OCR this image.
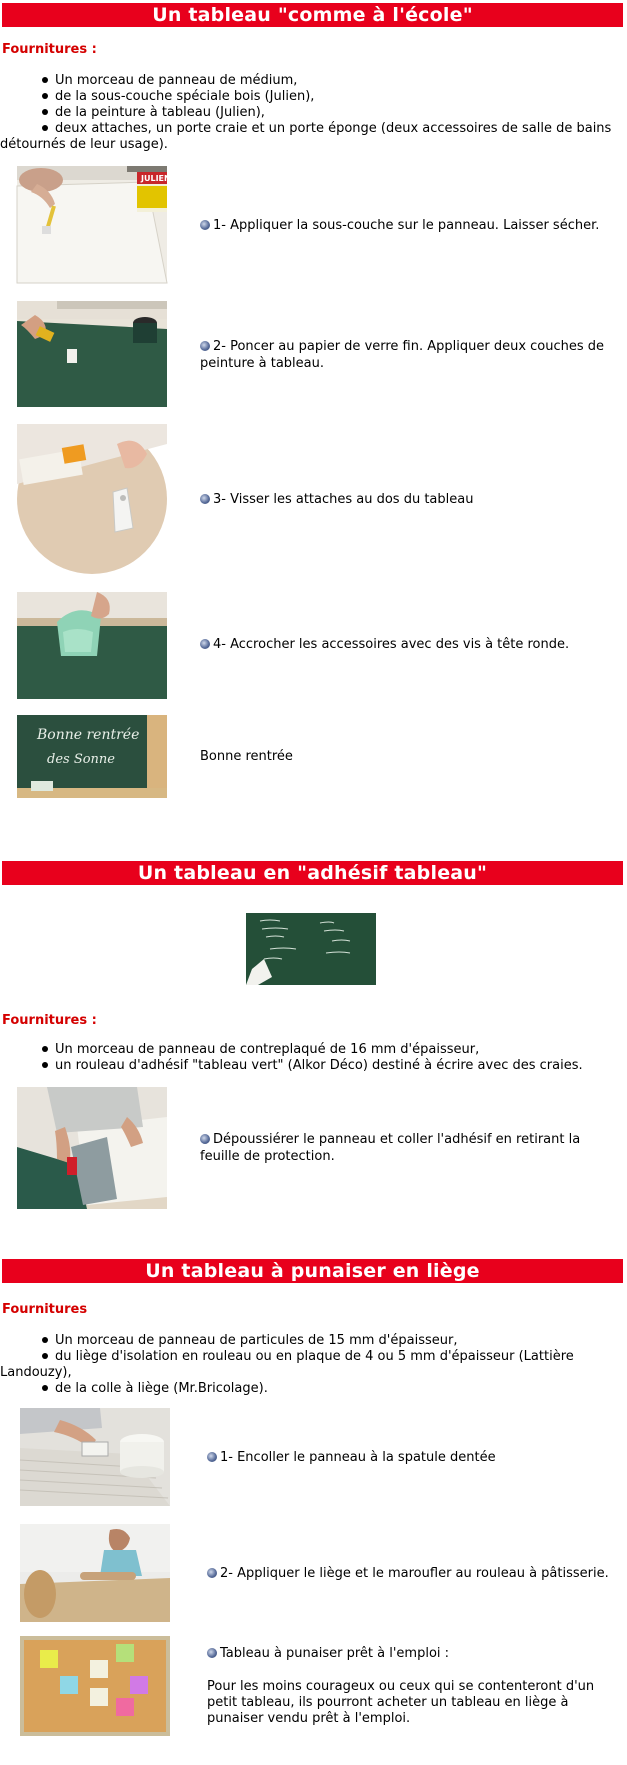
Un tableau "comme à l'école"
Fournitures :
Un morceau de panneau de médium,
de la sous-couche spéciale bois (Julien),
de la peinture à tableau (Julien),
deux attaches, un porte craie et un porte éponge (deux accessoires de salle de bains détournés de leur usage).
JULIEN
1- Appliquer la sous-couche sur le panneau. Laisser sécher.
2- Poncer au papier de verre fin. Appliquer deux couches de peinture à tableau.
3- Visser les attaches au dos du tableau
4- Accrocher les accessoires avec des vis à tête ronde.
Bonne rentrée
des Sonne	Bonne rentrée
Un tableau en "adhésif tableau"
Fournitures :
Un morceau de panneau de contreplaqué de 16 mm d'épaisseur,
un rouleau d'adhésif "tableau vert" (Alkor Déco) destiné à écrire avec des craies.
Dépoussiérer le panneau et coller l'adhésif en retirant la feuille de protection.
Un tableau à punaiser en liège
Fournitures
Un morceau de panneau de particules de 15 mm d'épaisseur,
du liège d'isolation en rouleau ou en plaque de 4 ou 5 mm d'épaisseur (Lattière Landouzy),
de la colle à liège (Mr.Bricolage).
1- Encoller le panneau à la spatule dentée
2- Appliquer le liège et le maroufler au rouleau à pâtisserie.
Tableau à punaiser prêt à l'emploi :
Pour les moins courageux ou ceux qui se contenteront d'un petit tableau, ils pourront acheter un tableau en liège à punaiser vendu prêt à l'emploi.
